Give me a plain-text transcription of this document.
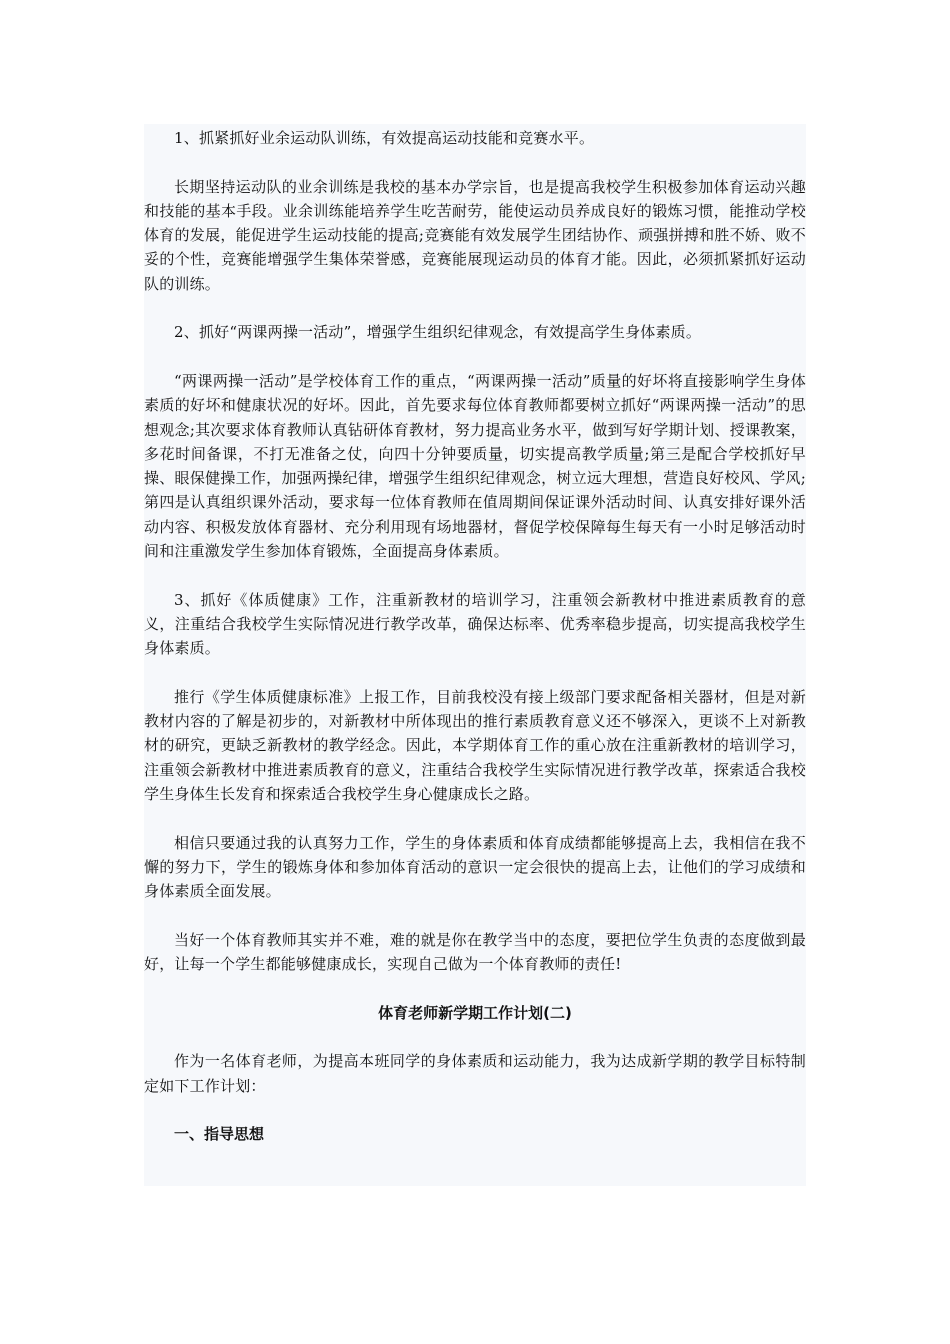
1、抓紧抓好业余运动队训练，有效提高运动技能和竞赛水平。

长期坚持运动队的业余训练是我校的基本办学宗旨，也是提高我校学生积极参加体育运动兴趣和技能的基本手段。业余训练能培养学生吃苦耐劳，能使运动员养成良好的锻炼习惯，能推动学校体育的发展，能促进学生运动技能的提高;竞赛能有效发展学生团结协作、顽强拼搏和胜不娇、败不妥的个性，竞赛能增强学生集体荣誉感，竞赛能展现运动员的体育才能。因此，必须抓紧抓好运动队的训练。

2、抓好“两课两操一活动”，增强学生组织纪律观念，有效提高学生身体素质。

“两课两操一活动”是学校体育工作的重点，“两课两操一活动”质量的好坏将直接影响学生身体素质的好坏和健康状况的好坏。因此，首先要求每位体育教师都要树立抓好“两课两操一活动”的思想观念;其次要求体育教师认真钻研体育教材，努力提高业务水平，做到写好学期计划、授课教案，多花时间备课，不打无准备之仗，向四十分钟要质量，切实提高教学质量;第三是配合学校抓好早操、眼保健操工作，加强两操纪律，增强学生组织纪律观念，树立远大理想，营造良好校风、学风;第四是认真组织课外活动，要求每一位体育教师在值周期间保证课外活动时间、认真安排好课外活动内容、积极发放体育器材、充分利用现有场地器材，督促学校保障每生每天有一小时足够活动时间和注重激发学生参加体育锻炼，全面提高身体素质。

3、抓好《体质健康》工作，注重新教材的培训学习，注重领会新教材中推进素质教育的意义，注重结合我校学生实际情况进行教学改革，确保达标率、优秀率稳步提高，切实提高我校学生身体素质。

推行《学生体质健康标准》上报工作，目前我校没有接上级部门要求配备相关器材，但是对新教材内容的了解是初步的，对新教材中所体现出的推行素质教育意义还不够深入，更谈不上对新教材的研究，更缺乏新教材的教学经念。因此，本学期体育工作的重心放在注重新教材的培训学习，注重领会新教材中推进素质教育的意义，注重结合我校学生实际情况进行教学改革，探索适合我校学生身体生长发育和探索适合我校学生身心健康成长之路。

相信只要通过我的认真努力工作，学生的身体素质和体育成绩都能够提高上去，我相信在我不懈的努力下，学生的锻炼身体和参加体育活动的意识一定会很快的提高上去，让他们的学习成绩和身体素质全面发展。

当好一个体育教师其实并不难，难的就是你在教学当中的态度，要把位学生负责的态度做到最好，让每一个学生都能够健康成长，实现自己做为一个体育教师的责任!

体育老师新学期工作计划(二)

作为一名体育老师，为提高本班同学的身体素质和运动能力，我为达成新学期的教学目标特制定如下工作计划：

一、指导思想
